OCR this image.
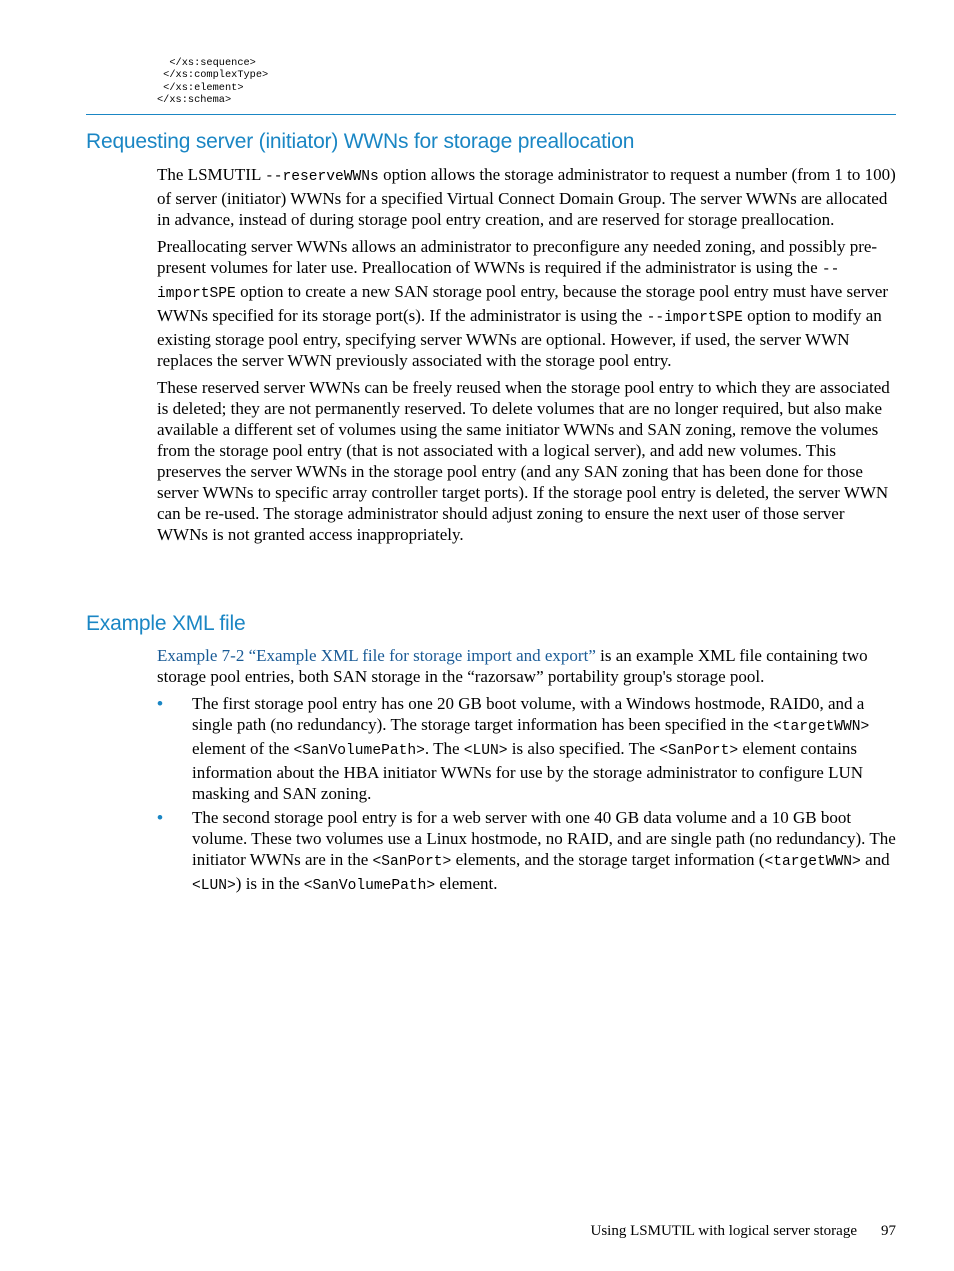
</xs:sequence>
</xs:complexType>
</xs:element>
</xs:schema>
Requesting server (initiator) WWNs for storage preallocation

The LSMUTIL --reserveWWNs option allows the storage administrator to request a number (from 1 to 100) of server (initiator) WWNs for a specified Virtual Connect Domain Group. The server WWNs are allocated in advance, instead of during storage pool entry creation, and are reserved for storage preallocation.

Preallocating server WWNs allows an administrator to preconfigure any needed zoning, and possibly pre-present volumes for later use. Preallocation of WWNs is required if the administrator is using the --importSPE option to create a new SAN storage pool entry, because the storage pool entry must have server WWNs specified for its storage port(s). If the administrator is using the --importSPE option to modify an existing storage pool entry, specifying server WWNs are optional. However, if used, the server WWN replaces the server WWN previously associated with the storage pool entry.

These reserved server WWNs can be freely reused when the storage pool entry to which they are associated is deleted; they are not permanently reserved. To delete volumes that are no longer required, but also make available a different set of volumes using the same initiator WWNs and SAN zoning, remove the volumes from the storage pool entry (that is not associated with a logical server), and add new volumes. This preserves the server WWNs in the storage pool entry (and any SAN zoning that has been done for those server WWNs to specific array controller target ports). If the storage pool entry is deleted, the server WWN can be re-used. The storage administrator should adjust zoning to ensure the next user of those server WWNs is not granted access inappropriately.

Example XML file

Example 7-2 “Example XML file for storage import and export” is an example XML file containing two storage pool entries, both SAN storage in the “razorsaw” portability group's storage pool.

• The first storage pool entry has one 20 GB boot volume, with a Windows hostmode, RAID0, and a single path (no redundancy). The storage target information has been specified in the <targetWWN> element of the <SanVolumePath>. The <LUN> is also specified. The <SanPort> element contains information about the HBA initiator WWNs for use by the storage administrator to configure LUN masking and SAN zoning.
• The second storage pool entry is for a web server with one 40 GB data volume and a 10 GB boot volume. These two volumes use a Linux hostmode, no RAID, and are single path (no redundancy). The initiator WWNs are in the <SanPort> elements, and the storage target information (<targetWWN> and <LUN>) is in the <SanVolumePath> element.
Using LSMUTIL with logical server storage 97
